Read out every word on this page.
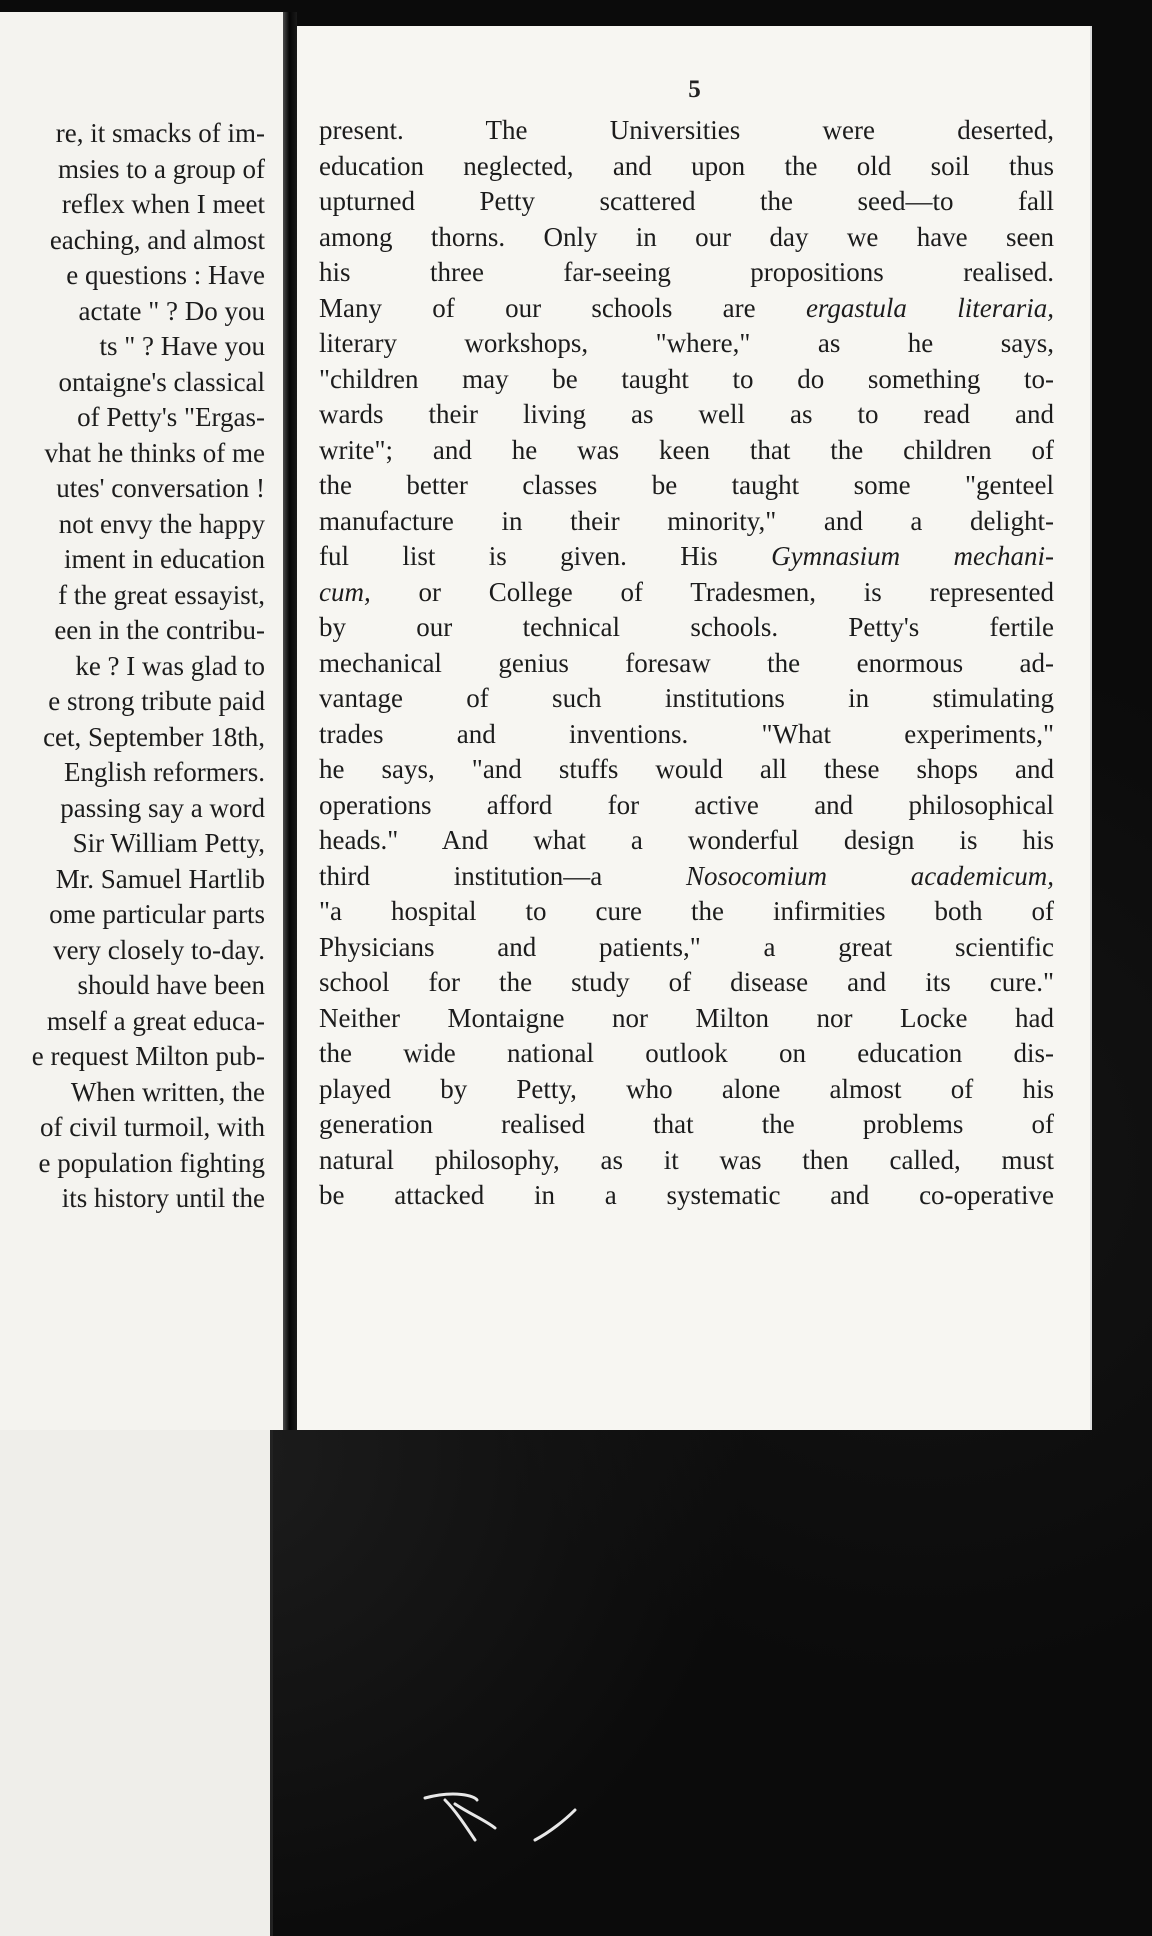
re, it smacks of im-
msies to a group of
reflex when I meet
eaching, and almost
e questions : Have
actate " ? Do you
ts " ? Have you
ontaigne's classical
of Petty's "Ergas-
vhat he thinks of me
utes' conversation !
not envy the happy
iment in education
f the great essayist,
een in the contribu-
ke ? I was glad to
e strong tribute paid
cet, September 18th,
English reformers.
passing say a word
Sir William Petty,
Mr. Samuel Hartlib
ome particular parts
very closely to-day.
should have been
mself a great educa-
e request Milton pub-
When written, the
of civil turmoil, with
e population fighting
its history until the
5
present. The Universities were deserted,
education neglected, and upon the old soil thus
upturned Petty scattered the seed—to fall
among thorns. Only in our day we have seen
his three far-seeing propositions realised.
Many of our schools are ergastula literaria,
literary workshops, "where," as he says,
"children may be taught to do something to-
wards their living as well as to read and
write"; and he was keen that the children of
the better classes be taught some "genteel
manufacture in their minority," and a delight-
ful list is given. His Gymnasium mechani-
cum, or College of Tradesmen, is represented
by our technical schools. Petty's fertile
mechanical genius foresaw the enormous ad-
vantage of such institutions in stimulating
trades and inventions. "What experiments,"
he says, "and stuffs would all these shops and
operations afford for active and philosophical
heads." And what a wonderful design is his
third institution—a Nosocomium academicum,
"a hospital to cure the infirmities both of
Physicians and patients," a great scientific
school for the study of disease and its cure."
Neither Montaigne nor Milton nor Locke had
the wide national outlook on education dis-
played by Petty, who alone almost of his
generation realised that the problems of
natural philosophy, as it was then called, must
be attacked in a systematic and co-operative
